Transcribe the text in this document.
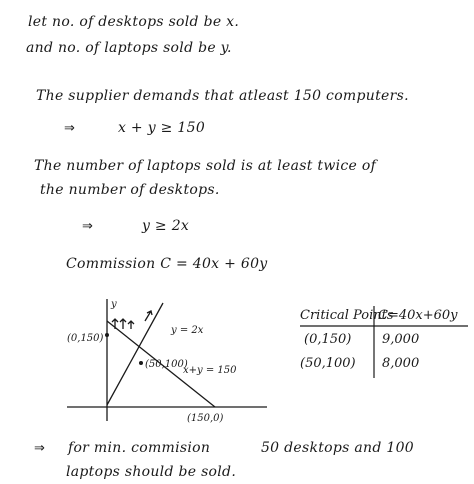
let no. of desktops sold be x.
and no. of laptops sold be y.
The supplier demands that atleast 150 computers.
⇒	x + y ≥ 150
The number of laptops sold is at least twice of
the number of desktops.
⇒	y ≥ 2x
Commission C = 40x + 60y
y
(0,150)
(50,100)
(150,0)
y = 2x
x+y = 150
Critical Points
C=40x+60y
(0,150) 9,000
(50,100) 8,000
⇒ for min. commision	50 desktops and 100
laptops should be sold.
